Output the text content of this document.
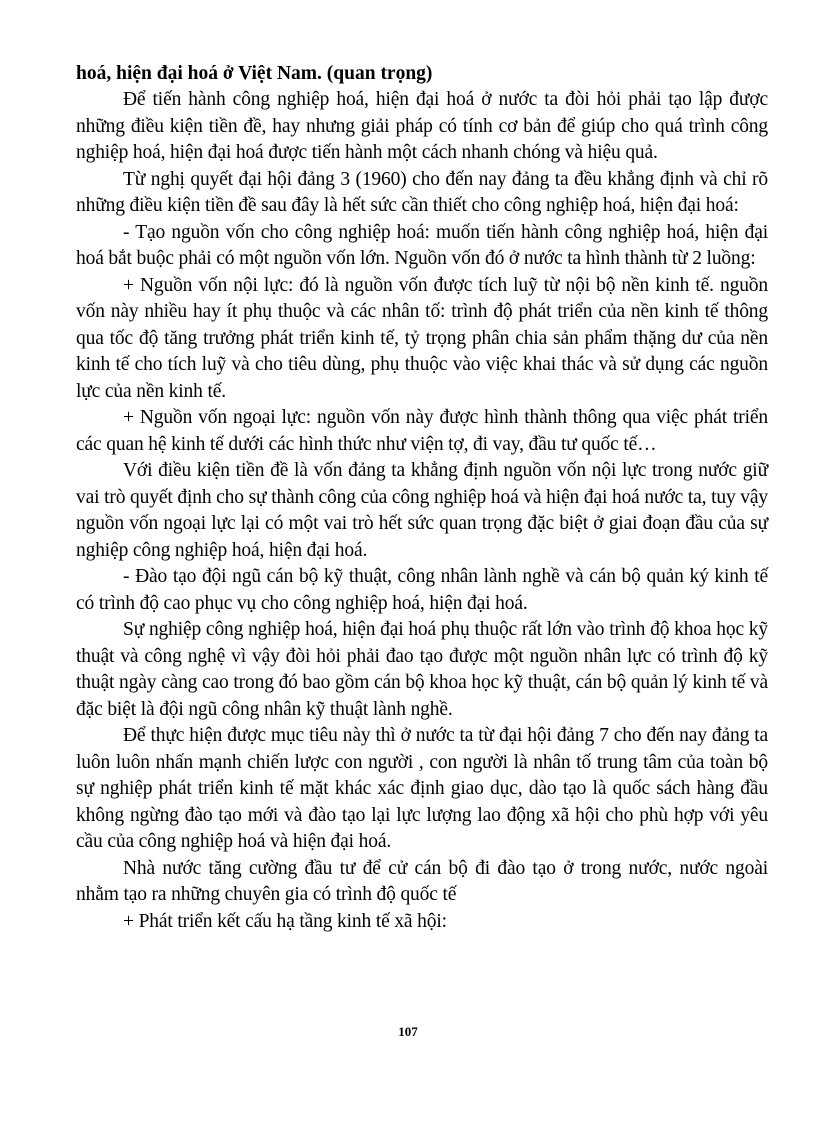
hoá, hiện đại hoá ở Việt Nam. (quan trọng)

Để tiến hành công nghiệp hoá, hiện đại hoá ở nước ta đòi hỏi phải tạo lập được những điều kiện tiền đề, hay nhưng giải pháp có tính cơ bản để giúp cho quá trình công nghiệp hoá, hiện đại hoá được tiến hành một cách nhanh chóng và hiệu quả.

Từ nghị quyết đại hội đảng 3 (1960) cho đến nay đảng ta đều khẳng định và chỉ rõ những điều kiện tiền đề sau đây là hết sức cần thiết cho công nghiệp hoá, hiện đại hoá:

- Tạo nguồn vốn cho công nghiệp hoá: muốn tiến hành công nghiệp hoá, hiện đại hoá bắt buộc phải có một nguồn vốn lớn. Nguồn vốn đó ở nước ta hình thành từ 2 luồng:

+ Nguồn vốn nội lực: đó là nguồn vốn được tích luỹ từ nội bộ nền kinh tế. nguồn vốn này nhiều hay ít phụ thuộc và các nhân tố: trình độ phát triển của nền kinh tế thông qua tốc độ tăng trưởng phát triển kinh tế, tỷ trọng phân chia sản phẩm thặng dư của nền kinh tế cho tích luỹ và cho tiêu dùng, phụ thuộc vào việc khai thác và sử dụng các nguồn lực của nền kinh tế.

+ Nguồn vốn ngoại lực: nguồn vốn này được hình thành thông qua việc phát triển các quan hệ kinh tế dưới các hình thức như viện tợ, đi vay, đầu tư quốc tế…

Với điều kiện tiền đề là vốn đảng ta khẳng định nguồn vốn nội lực trong nước giữ vai trò quyết định cho sự thành công của công nghiệp hoá và hiện đại hoá nước ta, tuy vậy nguồn vốn ngoại lực lại có một vai trò hết sức quan trọng đặc biệt ở giai đoạn đầu của sự nghiệp công nghiệp hoá, hiện đại hoá.

- Đào tạo đội ngũ cán bộ kỹ thuật, công nhân lành nghề và cán bộ quản ký kinh tế có trình độ cao phục vụ cho công nghiệp hoá, hiện đại hoá.

Sự nghiệp công nghiệp hoá, hiện đại hoá phụ thuộc rất lớn vào trình độ khoa học kỹ thuật và công nghệ vì vậy đòi hỏi phải đao tạo được một nguồn nhân lực có trình độ kỹ thuật ngày càng cao trong đó bao gồm cán bộ khoa học kỹ thuật, cán bộ quản lý kinh tế và đặc biệt là đội ngũ công nhân kỹ thuật lành nghề.

Để thực hiện được mục tiêu này thì ở nước ta từ đại hội đảng 7 cho đến nay đảng ta luôn luôn nhấn mạnh chiến lược con người , con người là nhân tố trung tâm của toàn bộ sự nghiệp phát triển kinh tế mặt khác xác định giao dục, dào tạo là quốc sách hàng đầu không ngừng đào tạo mới và đào tạo lại lực lượng lao động xã hội cho phù hợp với yêu cầu của công nghiệp hoá và hiện đại hoá.

Nhà nước tăng cường đầu tư để cử cán bộ đi đào tạo ở trong nước, nước ngoài nhằm tạo ra những chuyên gia có trình độ quốc tế

+ Phát triển kết cấu hạ tầng kinh tế xã hội:

107
